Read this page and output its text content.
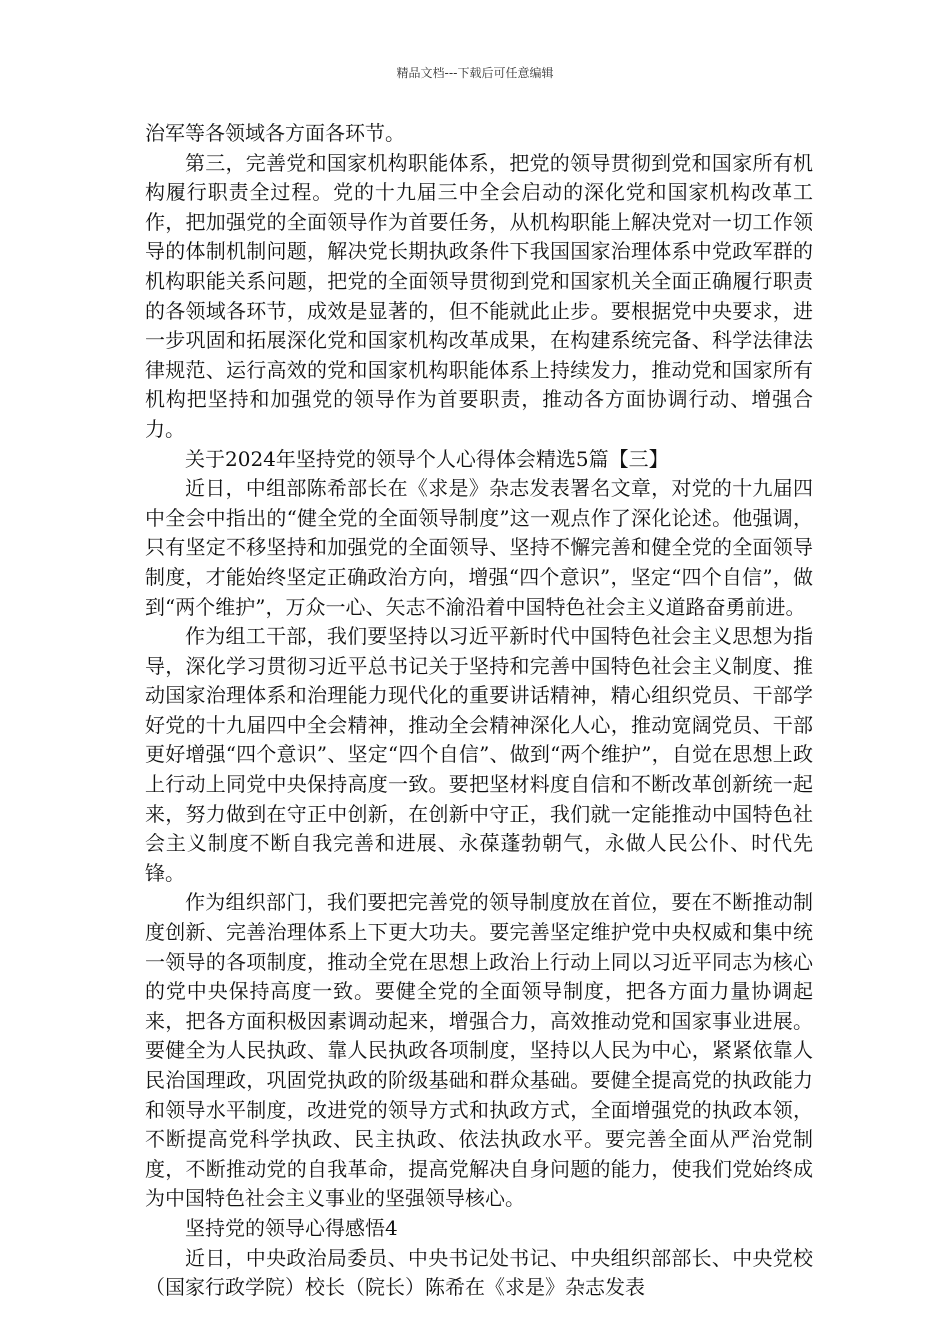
精品文档---下载后可任意编辑

治军等各领域各方面各环节。

第三，完善党和国家机构职能体系，把党的领导贯彻到党和国家所有机构履行职责全过程。党的十九届三中全会启动的深化党和国家机构改革工作，把加强党的全面领导作为首要任务，从机构职能上解决党对一切工作领导的体制机制问题，解决党长期执政条件下我国国家治理体系中党政军群的机构职能关系问题，把党的全面领导贯彻到党和国家机关全面正确履行职责的各领域各环节，成效是显著的，但不能就此止步。要根据党中央要求，进一步巩固和拓展深化党和国家机构改革成果，在构建系统完备、科学法律法律规范、运行高效的党和国家机构职能体系上持续发力，推动党和国家所有机构把坚持和加强党的领导作为首要职责，推动各方面协调行动、增强合力。

关于2024年坚持党的领导个人心得体会精选5篇【三】

近日，中组部陈希部长在《求是》杂志发表署名文章，对党的十九届四中全会中指出的“健全党的全面领导制度”这一观点作了深化论述。他强调，只有坚定不移坚持和加强党的全面领导、坚持不懈完善和健全党的全面领导制度，才能始终坚定正确政治方向，增强“四个意识”，坚定“四个自信”，做到“两个维护”，万众一心、矢志不渝沿着中国特色社会主义道路奋勇前进。

作为组工干部，我们要坚持以习近平新时代中国特色社会主义思想为指导，深化学习贯彻习近平总书记关于坚持和完善中国特色社会主义制度、推动国家治理体系和治理能力现代化的重要讲话精神，精心组织党员、干部学好党的十九届四中全会精神，推动全会精神深化人心，推动宽阔党员、干部更好增强“四个意识”、坚定“四个自信”、做到“两个维护”，自觉在思想上政上行动上同党中央保持高度一致。要把坚材料度自信和不断改革创新统一起来，努力做到在守正中创新，在创新中守正，我们就一定能推动中国特色社会主义制度不断自我完善和进展、永葆蓬勃朝气，永做人民公仆、时代先锋。

作为组织部门，我们要把完善党的领导制度放在首位，要在不断推动制度创新、完善治理体系上下更大功夫。要完善坚定维护党中央权威和集中统一领导的各项制度，推动全党在思想上政治上行动上同以习近平同志为核心的党中央保持高度一致。要健全党的全面领导制度，把各方面力量协调起来，把各方面积极因素调动起来，增强合力，高效推动党和国家事业进展。要健全为人民执政、靠人民执政各项制度，坚持以人民为中心，紧紧依靠人民治国理政，巩固党执政的阶级基础和群众基础。要健全提高党的执政能力和领导水平制度，改进党的领导方式和执政方式，全面增强党的执政本领，不断提高党科学执政、民主执政、依法执政水平。要完善全面从严治党制度，不断推动党的自我革命，提高党解决自身问题的能力，使我们党始终成为中国特色社会主义事业的坚强领导核心。

坚持党的领导心得感悟4

近日，中央政治局委员、中央书记处书记、中央组织部部长、中央党校（国家行政学院）校长（院长）陈希在《求是》杂志发表
